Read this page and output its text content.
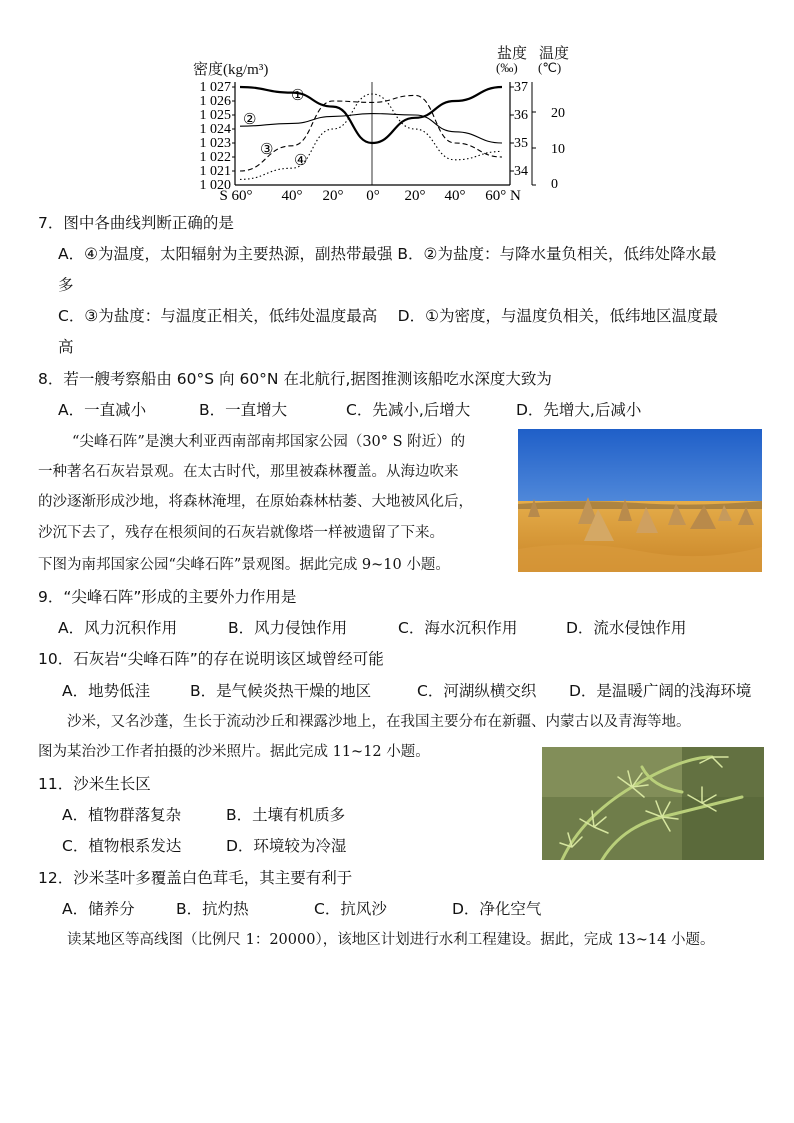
密度(kg/m³)
盐度 温度
(‰) (℃)
1 027
1 026
1 025
1 024
1 023
1 022
1 021
1 020
37
36
35
34
20
10
0
S 60° 40° 20° 0° 20° 40° 60° N
①
②
③
④
7．图中各曲线判断正确的是
A．④为温度，太阳辐射为主要热源，副热带最强 B．②为盐度：与降水量负相关，低纬处降水最
多
C．③为盐度：与温度正相关，低纬处温度最高　 D．①为密度，与温度负相关，低纬地区温度最
高
8．若一艘考察船由 60°S 向 60°N 在北航行,据图推测该船吃水深度大致为
A．一直减小	B．一直增大	C．先减小,后增大	D．先增大,后减小
“尖峰石阵”是澳大利亚西南部南邦国家公园（30° S 附近）的
一种著名石灰岩景观。在太古时代，那里被森林覆盖。从海边吹来
的沙逐渐形成沙地，将森林淹埋，在原始森林枯萎、大地被风化后，
沙沉下去了，残存在根须间的石灰岩就像塔一样被遗留了下来。
下图为南邦国家公园“尖峰石阵”景观图。据此完成 9~10 小题。
9．“尖峰石阵”形成的主要外力作用是
A．风力沉积作用	B．风力侵蚀作用	C．海水沉积作用	D．流水侵蚀作用
10．石灰岩“尖峰石阵”的存在说明该区域曾经可能
A．地势低洼	B．是气候炎热干燥的地区	C．河湖纵横交织 D．是温暖广阔的浅海环境
沙米，又名沙蓬，生长于流动沙丘和裸露沙地上，在我国主要分布在新疆、内蒙古以及青海等地。
图为某治沙工作者拍摄的沙米照片。据此完成 11~12 小题。
11．沙米生长区
A．植物群落复杂	B．土壤有机质多
C．植物根系发达	D．环境较为冷湿
12．沙米茎叶多覆盖白色茸毛，其主要有利于
A．储养分	B．抗灼热	C．抗风沙	D．净化空气
读某地区等高线图（比例尺 1：20000），该地区计划进行水利工程建设。据此，完成 13~14 小题。
